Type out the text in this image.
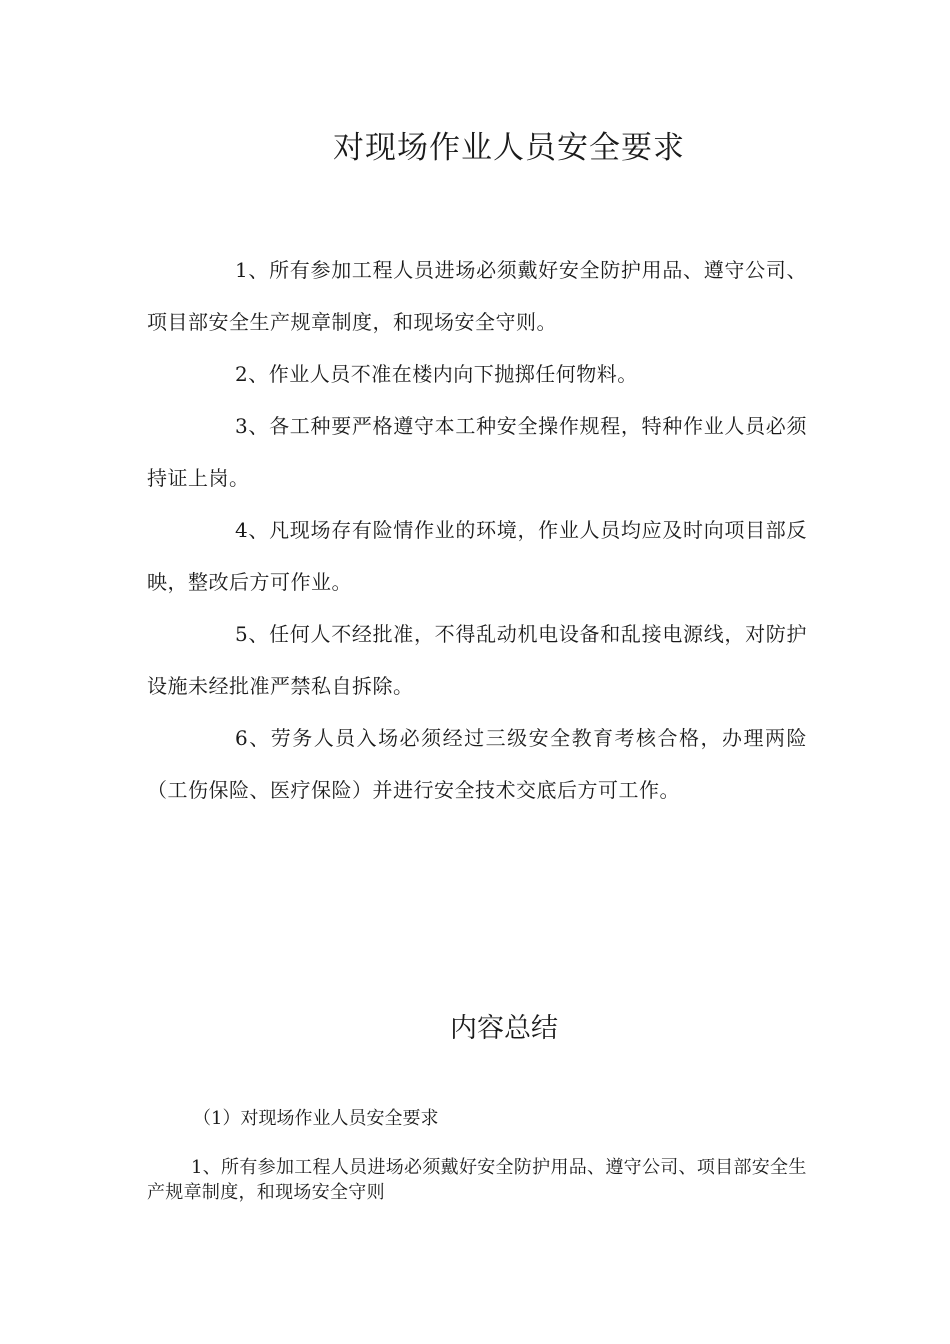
对现场作业人员安全要求

1、所有参加工程人员进场必须戴好安全防护用品、遵守公司、项目部安全生产规章制度，和现场安全守则。

2、作业人员不准在楼内向下抛掷任何物料。

3、各工种要严格遵守本工种安全操作规程，特种作业人员必须持证上岗。

4、凡现场存有险情作业的环境，作业人员均应及时向项目部反映，整改后方可作业。

5、任何人不经批准，不得乱动机电设备和乱接电源线，对防护设施未经批准严禁私自拆除。

6、劳务人员入场必须经过三级安全教育考核合格，办理两险（工伤保险、医疗保险）并进行安全技术交底后方可工作。

内容总结

（1）对现场作业人员安全要求

1、所有参加工程人员进场必须戴好安全防护用品、遵守公司、项目部安全生产规章制度，和现场安全守则
